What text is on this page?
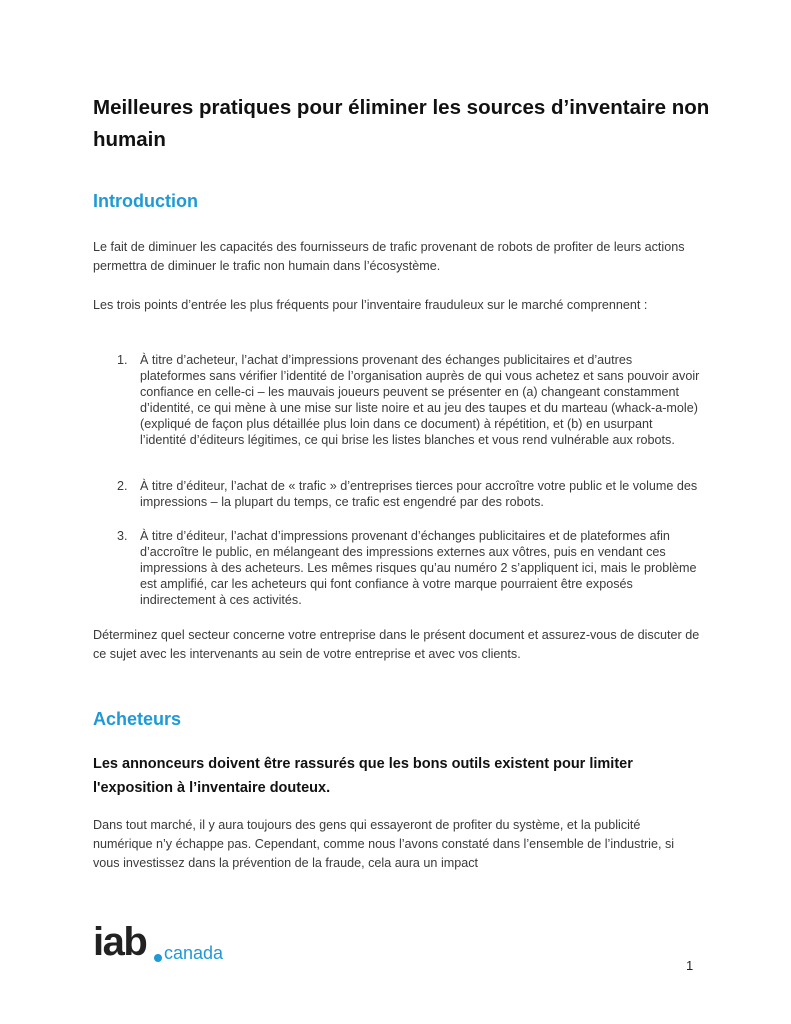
Meilleures pratiques pour éliminer les sources d’inventaire non humain
Introduction

Le fait de diminuer les capacités des fournisseurs de trafic provenant de robots de profiter de leurs actions permettra de diminuer le trafic non humain dans l’écosystème.

Les trois points d’entrée les plus fréquents pour l’inventaire frauduleux sur le marché comprennent :

1. À titre d’acheteur, l’achat d’impressions provenant des échanges publicitaires et d’autres plateformes sans vérifier l’identité de l’organisation auprès de qui vous achetez et sans pouvoir avoir confiance en celle-ci – les mauvais joueurs peuvent se présenter en (a) changeant constamment d’identité, ce qui mène à une mise sur liste noire et au jeu des taupes et du marteau (whack-a-mole) (expliqué de façon plus détaillée plus loin dans ce document) à répétition, et (b) en usurpant l’identité d’éditeurs légitimes, ce qui brise les listes blanches et vous rend vulnérable aux robots.
2. À titre d’éditeur, l’achat de « trafic » d’entreprises tierces pour accroître votre public et le volume des impressions – la plupart du temps, ce trafic est engendré par des robots.
3. À titre d’éditeur, l’achat d’impressions provenant d’échanges publicitaires et de plateformes afin d’accroître le public, en mélangeant des impressions externes aux vôtres, puis en vendant ces impressions à des acheteurs. Les mêmes risques qu’au numéro 2 s’appliquent ici, mais le problème est amplifié, car les acheteurs qui font confiance à votre marque pourraient être exposés indirectement à ces activités.

Déterminez quel secteur concerne votre entreprise dans le présent document et assurez-vous de discuter de ce sujet avec les intervenants au sein de votre entreprise et avec vos clients.

Acheteurs
Les annonceurs doivent être rassurés que les bons outils existent pour limiter l'exposition à l’inventaire douteux.

Dans tout marché, il y aura toujours des gens qui essayeront de profiter du système, et la publicité numérique n’y échappe pas. Cependant, comme nous l’avons constaté dans l’ensemble de l’industrie, si vous investissez dans la prévention de la fraude, cela aura un impact

iab canada
1
